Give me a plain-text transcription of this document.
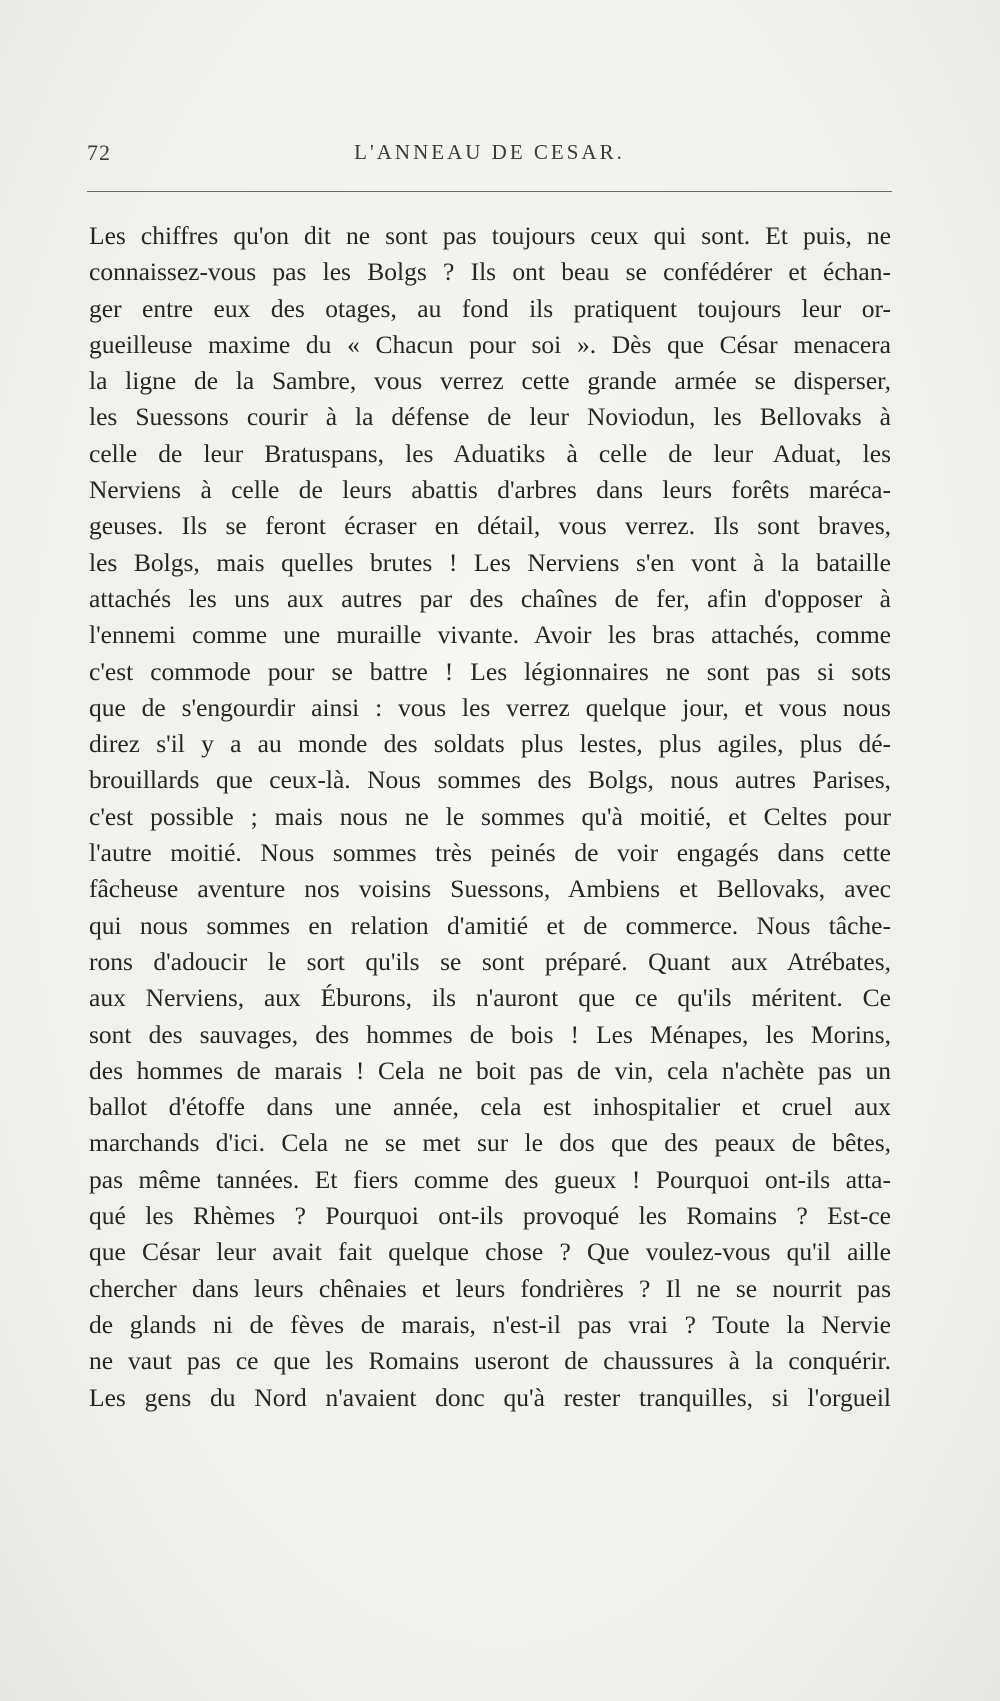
72	L'ANNEAU DE CESAR.
Les chiffres qu'on dit ne sont pas toujours ceux qui sont. Et puis, ne
connaissez-vous pas les Bolgs ? Ils ont beau se confédérer et échan-
ger entre eux des otages, au fond ils pratiquent toujours leur or-
gueilleuse maxime du « Chacun pour soi ». Dès que César menacera
la ligne de la Sambre, vous verrez cette grande armée se disperser,
les Suessons courir à la défense de leur Noviodun, les Bellovaks à
celle de leur Bratuspans, les Aduatiks à celle de leur Aduat, les
Nerviens à celle de leurs abattis d'arbres dans leurs forêts maréca-
geuses. Ils se feront écraser en détail, vous verrez. Ils sont braves,
les Bolgs, mais quelles brutes ! Les Nerviens s'en vont à la bataille
attachés les uns aux autres par des chaînes de fer, afin d'opposer à
l'ennemi comme une muraille vivante. Avoir les bras attachés, comme
c'est commode pour se battre ! Les légionnaires ne sont pas si sots
que de s'engourdir ainsi : vous les verrez quelque jour, et vous nous
direz s'il y a au monde des soldats plus lestes, plus agiles, plus dé-
brouillards que ceux-là. Nous sommes des Bolgs, nous autres Parises,
c'est possible ; mais nous ne le sommes qu'à moitié, et Celtes pour
l'autre moitié. Nous sommes très peinés de voir engagés dans cette
fâcheuse aventure nos voisins Suessons, Ambiens et Bellovaks, avec
qui nous sommes en relation d'amitié et de commerce. Nous tâche-
rons d'adoucir le sort qu'ils se sont préparé. Quant aux Atrébates,
aux Nerviens, aux Éburons, ils n'auront que ce qu'ils méritent. Ce
sont des sauvages, des hommes de bois ! Les Ménapes, les Morins,
des hommes de marais ! Cela ne boit pas de vin, cela n'achète pas un
ballot d'étoffe dans une année, cela est inhospitalier et cruel aux
marchands d'ici. Cela ne se met sur le dos que des peaux de bêtes,
pas même tannées. Et fiers comme des gueux ! Pourquoi ont-ils atta-
qué les Rhèmes ? Pourquoi ont-ils provoqué les Romains ? Est-ce
que César leur avait fait quelque chose ? Que voulez-vous qu'il aille
chercher dans leurs chênaies et leurs fondrières ? Il ne se nourrit pas
de glands ni de fèves de marais, n'est-il pas vrai ? Toute la Nervie
ne vaut pas ce que les Romains useront de chaussures à la conquérir.
Les gens du Nord n'avaient donc qu'à rester tranquilles, si l'orgueil
